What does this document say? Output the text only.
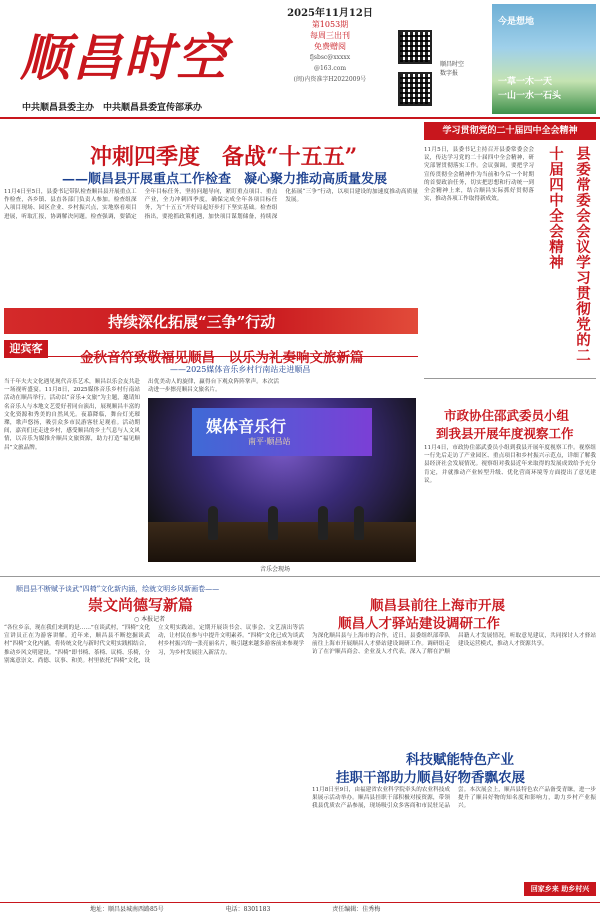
顺昌时空
中共顺昌县委主办　中共顺昌县委宣传部承办
2025年11月12日
第1053期
每周三出刊
免费赠阅
fjsbsc@xxxxx
@163.com
(闽)内资准字H2022009号
顺昌时空
数字报
今是想地
一草一木一天
一山一水一石头
冲刺四季度　备战“十五五”
——顺昌县开展重点工作检查　凝心聚力推动高质量发展
11月4日至5日，县委书记带队检查顺昌县开展重点工作检查，各乡镇、县直各部门负责人参加。检查组深入项目现场、园区企业、乡村振兴点，实地察看项目进展，听取汇报，协调解决问题。检查强调，要锚定全年目标任务，坚持问题导向，紧盯重点项目、重点产业，全力冲刺四季度，确保完成全年各项目标任务，为“十五五”开好局起好步打下坚实基础。检查组指出，要抢抓政策机遇，加快项目谋划储备，持续深化拓展“三争”行动，以项目建设的加速度推动高质量发展。
持续深化拓展“三争”行动
迎宾客
金秋音符致敬福见顺昌　以乐为礼奏响文旅新篇
——2025媒体音乐乡村行南站走进顺昌
当千年夫夫文化遇见现代音乐艺术，顺昌以乐会友共赴一场视听盛宴。11月8日，2025媒体音乐乡村行南站活动在顺昌举行。活动以“音乐+文旅”为主题，邀请知名音乐人与本地文艺爱好者同台演出，展现顺昌丰富的文化资源和秀美的自然风光。夜幕降临，舞台灯光璀璨，歌声悠扬，吸引众多市民游客驻足观看。活动期间，嘉宾们还走进乡村，感受顺昌的乡土气息与人文风情，以音乐为媒推介顺昌文旅资源，助力打造“福见顺昌”文旅品牌。
出优美动人的旋律，赢得台下观众阵阵掌声。本次活动进一步擦亮顺昌文旅名片。
媒体音乐行
南平·顺昌站
音乐会现场
学习贯彻党的二十届四中全会精神
11月5日，县委书记主持召开县委常委会会议，传达学习党的二十届四中全会精神，研究部署贯彻落实工作。会议强调，要把学习宣传贯彻全会精神作为当前和今后一个时期的首要政治任务，切实把思想和行动统一到全会精神上来，结合顺昌实际抓好贯彻落实，推动各项工作取得新成效。	县委常委会会议学习贯彻党的二十届四中全会精神
市政协住邵武委员小组
到我县开展年度视察工作
11月4日，市政协住邵武委员小组到我县开展年度视察工作。视察组一行先后走访了产业园区、重点项目和乡村振兴示范点，详细了解我县经济社会发展情况。视察组对我县近年来取得的发展成效给予充分肯定，并就推动产业转型升级、优化营商环境等方面提出了意见建议。
顺昌县不断赋予谈武“四椅”文化新内涵，绘就文明乡风新画卷——
崇文尚德写新篇
○ 本报记者
“各位乡亲，现在我们来到的是……”在谈武村，“四椅”文化宣讲员正在为游客讲解。近年来，顺昌县不断挖掘谈武村“四椅”文化内涵，将传统文化与新时代文明实践相结合，推动乡风文明建设。“四椅”即书椅、茶椅、议椅、乐椅，分别寓意崇文、尚德、议事、和美。村里依托“四椅”文化，设立文明实践站，定期开展读书会、议事会、文艺演出等活动，让村民在参与中提升文明素养。“四椅”文化已成为谈武村乡村振兴的一张亮丽名片，吸引越来越多游客前来参观学习，为乡村发展注入新活力。
顺昌县前往上海市开展
顺昌人才驿站建设调研工作
为深化顺昌县与上海市的合作，近日，县委组织部带队前往上海市开展顺昌人才驿站建设调研工作。调研组走访了在沪顺昌商会、企业及人才代表，深入了解在沪顺昌籍人才发展情况，听取意见建议，共同探讨人才驿站建设运营模式，推动人才资源共享。
科技赋能特色产业
挂职干部助力顺昌好物香飘农展
11月8日至9日，由福建省农业科学院牵头的农业科技成果展示活动举办。顺昌县挂职干部积极对接资源，带领我县优质农产品参展，现场吸引众多客商和市民驻足品尝。本次展会上，顺昌县特色农产品备受青睐，进一步提升了顺昌好物的知名度和影响力，助力乡村产业振兴。
回家乡来 助乡村兴
地址：顺昌县城南西路85号	电话：8301183	责任编辑：佳秀梅
